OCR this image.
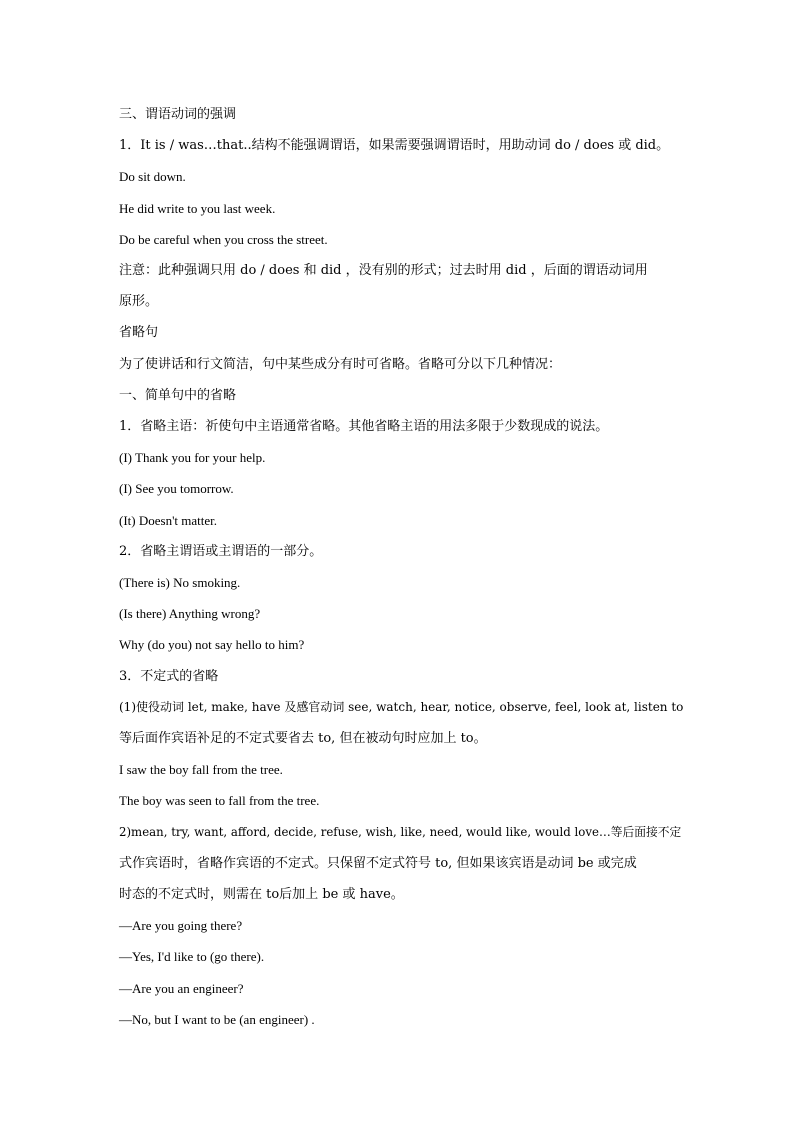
三、谓语动词的强调
1．It is / was…that..结构不能强调谓语，如果需要强调谓语时，用助动词 do / does 或 did。
Do sit down.
He did write to you last week.
Do be careful when you cross the street.
注意：此种强调只用 do / does 和 did ，没有别的形式；过去时用 did ，后面的谓语动词用
原形。
省略句
为了使讲话和行文简洁，句中某些成分有时可省略。省略可分以下几种情况：
一、简单句中的省略
1．省略主语：祈使句中主语通常省略。其他省略主语的用法多限于少数现成的说法。
(I) Thank you for your help.
(I) See you tomorrow.
(It) Doesn't matter.
2．省略主谓语或主谓语的一部分。
(There is) No smoking.
(Is there) Anything wrong?
Why (do you) not say hello to him?
3．不定式的省略
(1)使役动词 let, make, have 及感官动词 see, watch, hear, notice, observe, feel, look at, listen to
等后面作宾语补足的不定式要省去 to, 但在被动句时应加上 to。
I saw the boy fall from the tree.
The boy was seen to fall from the tree.
2)mean, try, want, afford, decide, refuse, wish, like, need, would like, would love…等后面接不定
式作宾语时，省略作宾语的不定式。只保留不定式符号 to, 但如果该宾语是动词 be 或完成
时态的不定式时，则需在 to后加上 be 或 have。
—Are you going there?
—Yes, I'd like to (go there).
—Are you an engineer?
—No, but I want to be (an engineer) .
